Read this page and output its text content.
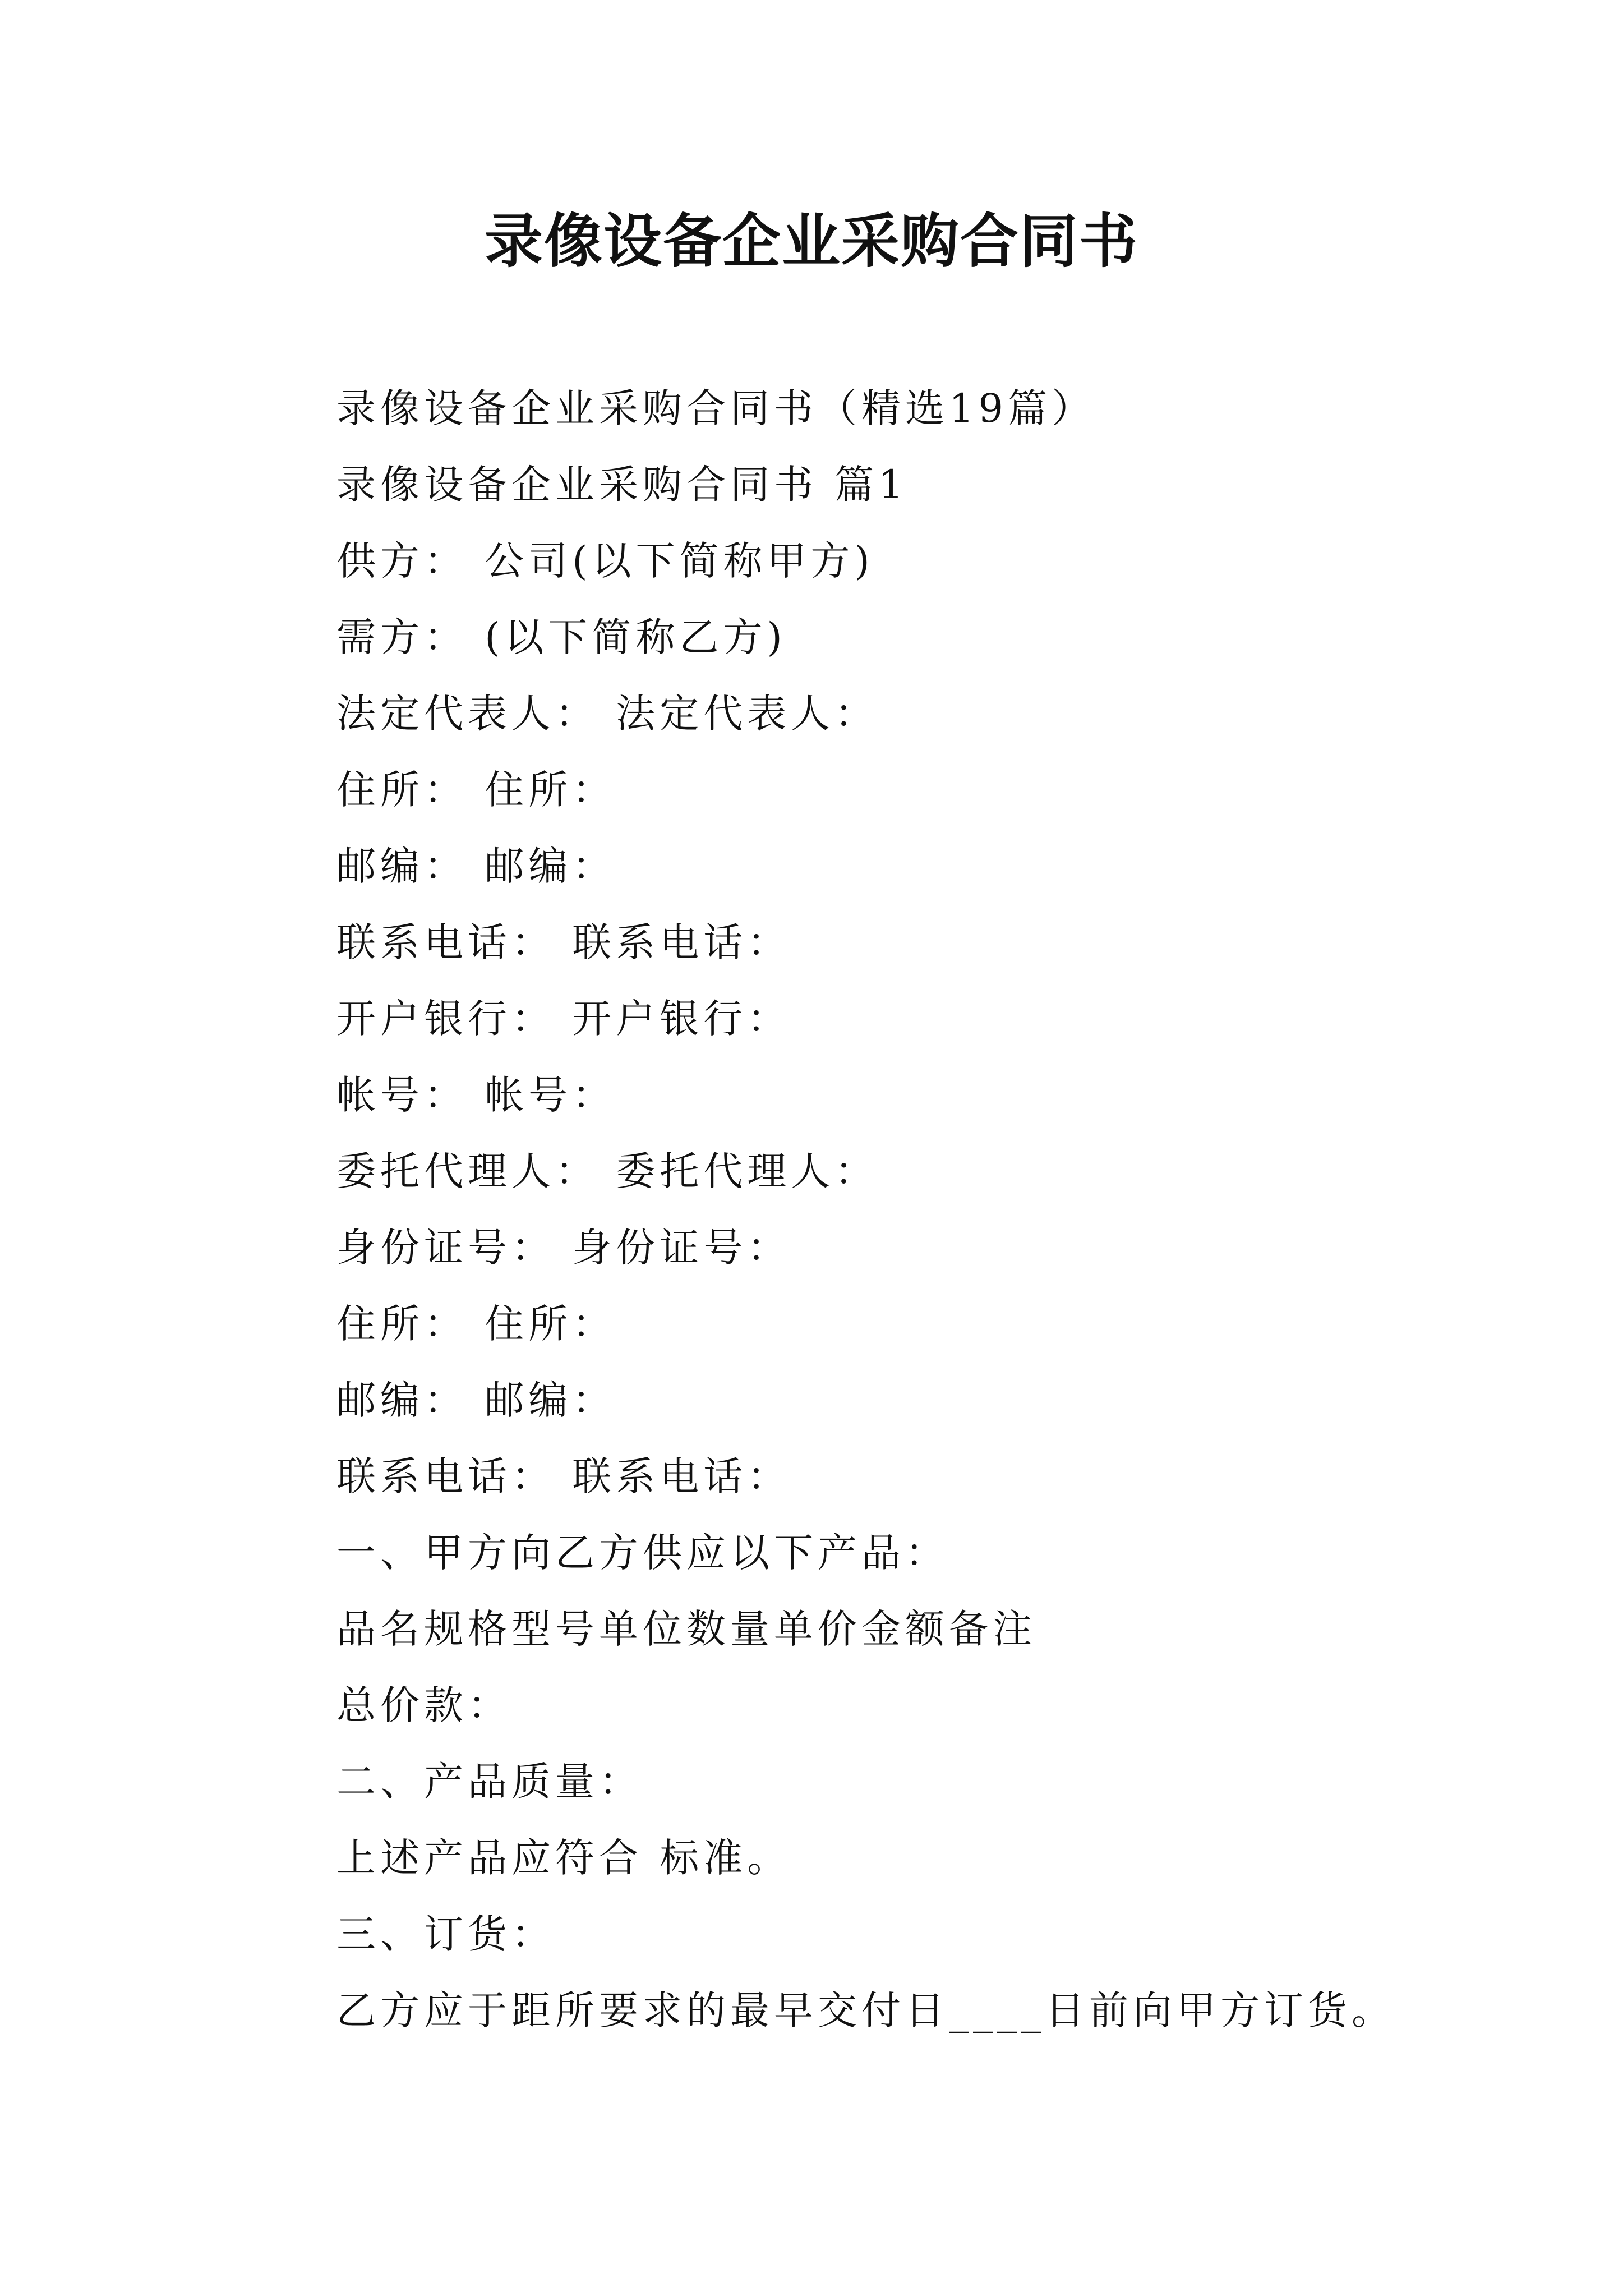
录像设备企业采购合同书
录像设备企业采购合同书（精选19篇）
录像设备企业采购合同书 篇1
供方： 公司(以下简称甲方)
需方： (以下简称乙方)
法定代表人： 法定代表人：
住所： 住所：
邮编： 邮编：
联系电话： 联系电话：
开户银行： 开户银行：
帐号： 帐号：
委托代理人： 委托代理人：
身份证号： 身份证号：
住所： 住所：
邮编： 邮编：
联系电话： 联系电话：
一、甲方向乙方供应以下产品：
品名规格型号单位数量单价金额备注
总价款：
二、产品质量：
上述产品应符合 标准。
三、订货：
乙方应于距所要求的最早交付日____日前向甲方订货。
